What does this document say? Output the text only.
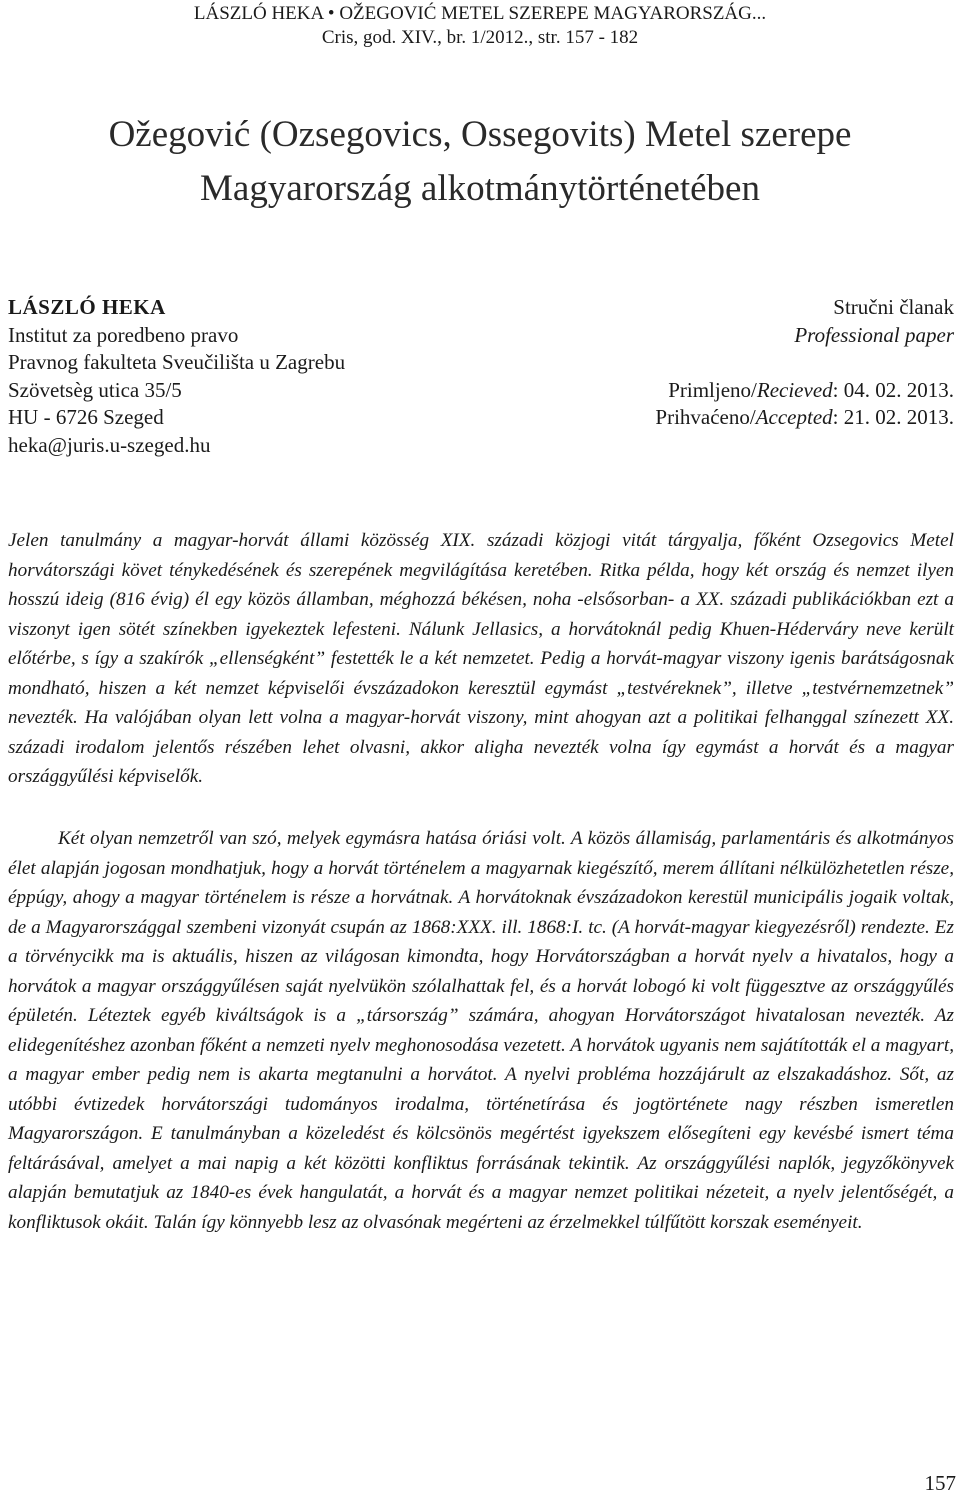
LÁSZLÓ HEKA • OŽEGOVIĆ METEL SZEREPE MAGYARORSZÁG...
Cris, god. XIV., br. 1/2012., str. 157 - 182
Ožegović (Ozsegovics, Ossegovits) Metel szerepe
Magyarország alkotmánytörténetében
LÁSZLÓ HEKA	Stručni članak
Institut za poredbeno pravo	Professional paper
Pravnog fakulteta Sveučilišta u Zagrebu
Szövetsèg utica 35/5	Primljeno/Recieved: 04. 02. 2013.
HU - 6726 Szeged	Prihvaćeno/Accepted: 21. 02. 2013.
heka@juris.u-szeged.hu

Jelen tanulmány a magyar-horvát állami közösség XIX. századi közjogi vitát tárgyalja, főként Ozsegovics Metel horvátországi követ ténykedésének és szerepének megvilágítása keretében. Ritka példa, hogy két ország és nemzet ilyen hosszú ideig (816 évig) él egy közös államban, méghozzá békésen, noha -elsősorban- a XX. századi publikációkban ezt a viszonyt igen sötét színekben igyekeztek lefesteni. Nálunk Jellasics, a horvátoknál pedig Khuen-Héderváry neve került előtérbe, s így a szakírók „ellenségként” festették le a két nemzetet. Pedig a horvát-magyar viszony igenis barátságosnak mondható, hiszen a két nemzet képviselői évszázadokon keresztül egymást „testvéreknek”, illetve „testvérnemzetnek” nevezték. Ha valójában olyan lett volna a magyar-horvát viszony, mint ahogyan azt a politikai felhanggal színezett XX. századi irodalom jelentős részében lehet olvasni, akkor aligha nevezték volna így egymást a horvát és a magyar országgyűlési képviselők.

Két olyan nemzetről van szó, melyek egymásra hatása óriási volt. A közös államiság, parlamentáris és alkotmányos élet alapján jogosan mondhatjuk, hogy a horvát történelem a magyarnak kiegészítő, merem állítani nélkülözhetetlen része, éppúgy, ahogy a magyar történelem is része a horvátnak. A horvátoknak évszázadokon kerestül municipális jogaik voltak, de a Magyarországgal szembeni vizonyát csupán az 1868:XXX. ill. 1868:I. tc. (A horvát-magyar kiegyezésről) rendezte. Ez a törvénycikk ma is aktuális, hiszen az világosan kimondta, hogy Horvátországban a horvát nyelv a hivatalos, hogy a horvátok a magyar országgyűlésen saját nyelvükön szólalhattak fel, és a horvát lobogó ki volt függesztve az országgyűlés épületén. Léteztek egyéb kiváltságok is a „társország” számára, ahogyan Horvátországot hivatalosan nevezték. Az elidegenítéshez azonban főként a nemzeti nyelv meghonosodása vezetett. A horvátok ugyanis nem sajátították el a magyart, a magyar ember pedig nem is akarta megtanulni a horvátot. A nyelvi probléma hozzájárult az elszakadáshoz. Sőt, az utóbbi évtizedek horvátországi tudományos irodalma, történetírása és jogtörténete nagy részben ismeretlen Magyarországon. E tanulmányban a közeledést és kölcsönös megértést igyekszem elősegíteni egy kevésbé ismert téma feltárásával, amelyet a mai napig a két közötti konfliktus forrásának tekintik. Az országgyűlési naplók, jegyzőkönyvek alapján bemutatjuk az 1840-es évek hangulatát, a horvát és a magyar nemzet politikai nézeteit, a nyelv jelentőségét, a konfliktusok okáit. Talán így könnyebb lesz az olvasónak megérteni az érzelmekkel túlfűtött korszak eseményeit.

157
